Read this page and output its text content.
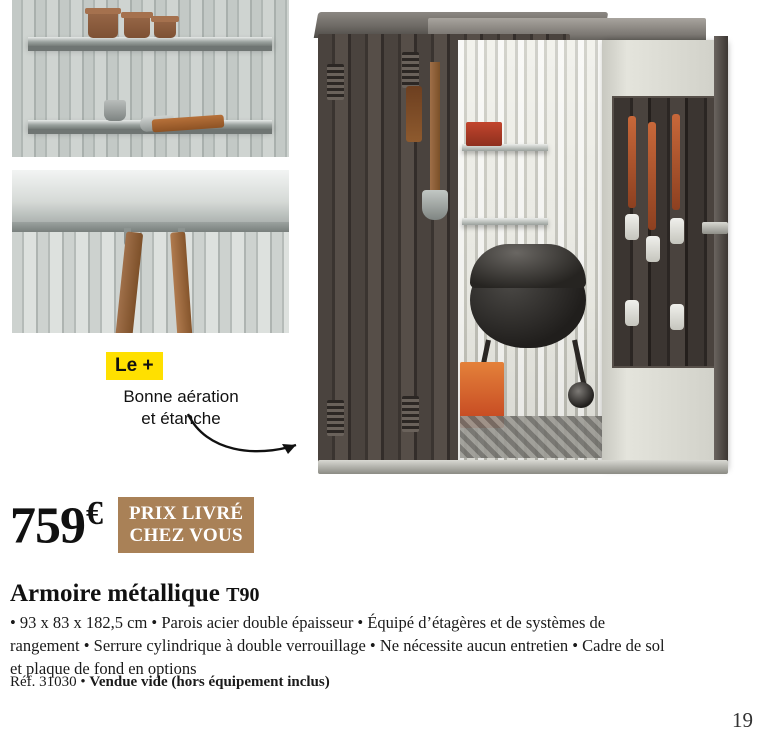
Le +
Bonne aération
et étanche
759€ PRIX LIVRÉ
CHEZ VOUS
Armoire métallique T90
• 93 x 83 x 182,5 cm • Parois acier double épaisseur • Équipé d’étagères et de systèmes de rangement • Serrure cylindrique à double verrouillage • Ne nécessite aucun entretien • Cadre de sol et plaque de fond en options
Réf. 31030 • Vendue vide (hors équipement inclus)
19
